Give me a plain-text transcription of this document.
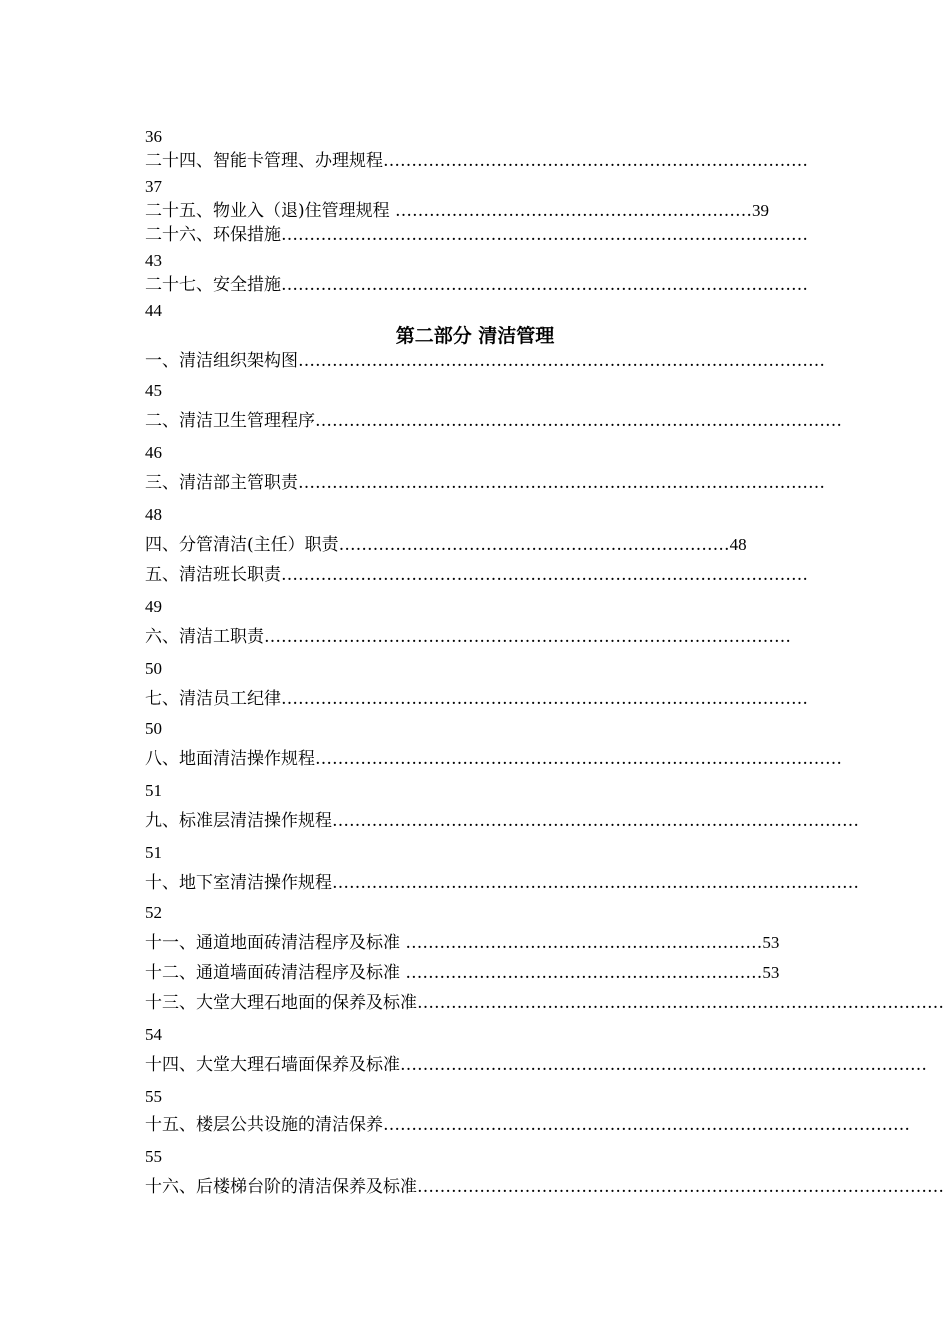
36
二十四、智能卡管理、办理规程…………………………………………………………………
37
二十五、物业入（退)住管理规程 ………………………………………………………39
二十六、环保措施…………………………………………………………………………………
43
二十七、安全措施…………………………………………………………………………………
44
第二部分 清洁管理
一、清洁组织架构图…………………………………………………………………………………
45
二、清洁卫生管理程序…………………………………………………………………………………
46
三、清洁部主管职责…………………………………………………………………………………
48
四、分管清洁(主任）职责……………………………………………………………48
五、清洁班长职责…………………………………………………………………………………
49
六、清洁工职责…………………………………………………………………………………
50
七、清洁员工纪律…………………………………………………………………………………
50
八、地面清洁操作规程…………………………………………………………………………………
51
九、标准层清洁操作规程…………………………………………………………………………………
51
十、地下室清洁操作规程…………………………………………………………………………………
52
十一、通道地面砖清洁程序及标准 ………………………………………………………53
十二、通道墙面砖清洁程序及标准 ………………………………………………………53
十三、大堂大理石地面的保养及标准…………………………………………………………………………………
54
十四、大堂大理石墙面保养及标准…………………………………………………………………………………
55
十五、楼层公共设施的清洁保养…………………………………………………………………………………
55
十六、后楼梯台阶的清洁保养及标准…………………………………………………………………………………
